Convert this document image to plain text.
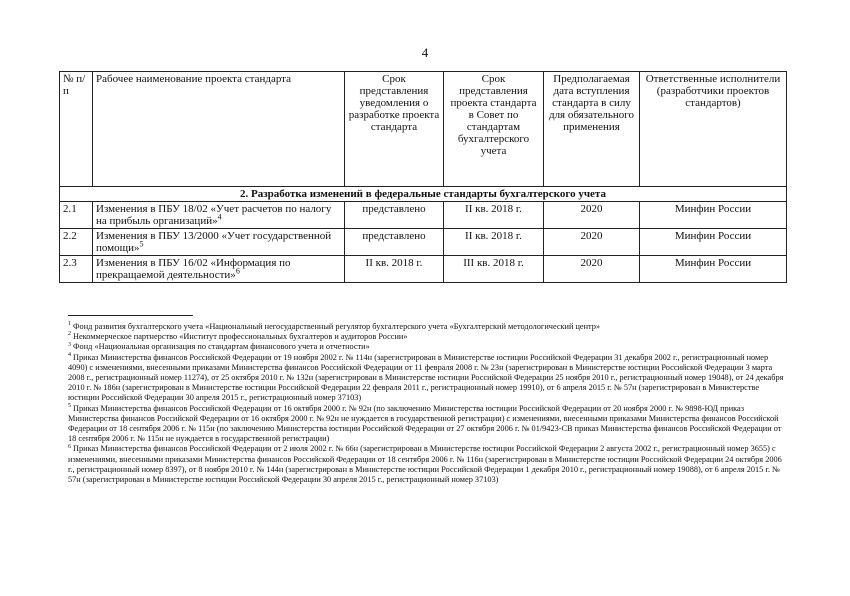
4
№ п/п	Рабочее наименование проекта стандарта	Срок представления уведомления о разработке проекта стандарта	Срок представления проекта стандарта в Совет по стандартам бухгалтерского учета	Предполагаемая дата вступления стандарта в силу для обязательного применения	Ответственные исполнители (разработчики проектов стандартов)
2. Разработка изменений в федеральные стандарты бухгалтерского учета					
2.1	Изменения в ПБУ 18/02 «Учет расчетов по налогу на прибыль организаций»$^4$	представлено	II кв. 2018 г.	2020	Минфин России
2.2	Изменения в ПБУ 13/2000 «Учет государственной помощи»$^5$	представлено	II кв. 2018 г.	2020	Минфин России
2.3	Изменения в ПБУ 16/02 «Информация по прекращаемой деятельности»$^6$	II кв. 2018 г.	III кв. 2018 г.	2020	Минфин России

$^1$ Фонд развития бухгалтерского учета «Национальный негосударственный регулятор бухгалтерского учета «Бухгалтерский методологический центр»

$^2$ Некоммерческое партнерство «Институт профессиональных бухгалтеров и аудиторов России»

$^3$ Фонд «Национальная организация по стандартам финансового учета и отчетности»

$^4$ Приказ Министерства финансов Российской Федерации от 19 ноября 2002 г. № 114н (зарегистрирован в Министерстве юстиции Российской Федерации 31 декабря 2002 г., регистрационный номер 4090) с изменениями, внесенными приказами Министерства финансов Российской Федерации от 11 февраля 2008 г. № 23н (зарегистрирован в Министерстве юстиции Российской Федерации 3 марта 2008 г., регистрационный номер 11274), от 25 октября 2010 г. № 132н (зарегистрирован в Министерстве юстиции Российской Федерации 25 ноября 2010 г., регистрационный номер 19048), от 24 декабря 2010 г. № 186н (зарегистрирован в Министерстве юстиции Российской Федерации 22 февраля 2011 г., регистрационный номер 19910), от 6 апреля 2015 г. № 57н (зарегистрирован в Министерстве юстиции Российской Федерации 30 апреля 2015 г., регистрационный номер 37103)

$^5$ Приказ Министерства финансов Российской Федерации от 16 октября 2000 г. № 92н (по заключению Министерства юстиции Российской Федерации от 20 ноября 2000 г. № 9898-ЮД приказ Министерства финансов Российской Федерации от 16 октября 2000 г. № 92н не нуждается в государственной регистрации) с изменениями, внесенными приказами Министерства финансов Российской Федерации от 18 сентября 2006 г. № 115н (по заключению Министерства юстиции Российской Федерации от 27 октября 2006 г. № 01/9423-СВ приказ Министерства финансов Российской Федерации от 18 сентября 2006 г. № 115н не нуждается в государственной регистрации)

$^6$ Приказ Министерства финансов Российской Федерации от 2 июля 2002 г. № 66н (зарегистрирован в Министерстве юстиции Российской Федерации 2 августа 2002 г., регистрационный номер 3655) с изменениями, внесенными приказами Министерства финансов Российской Федерации от 18 сентября 2006 г. № 116н (зарегистрирован в Министерстве юстиции Российской Федерации 24 октября 2006 г., регистрационный номер 8397), от 8 ноября 2010 г. № 144н (зарегистрирован в Министерстве юстиции Российской Федерации 1 декабря 2010 г., регистрационный номер 19088), от 6 апреля 2015 г. № 57н (зарегистрирован в Министерстве юстиции Российской Федерации 30 апреля 2015 г., регистрационный номер 37103)
